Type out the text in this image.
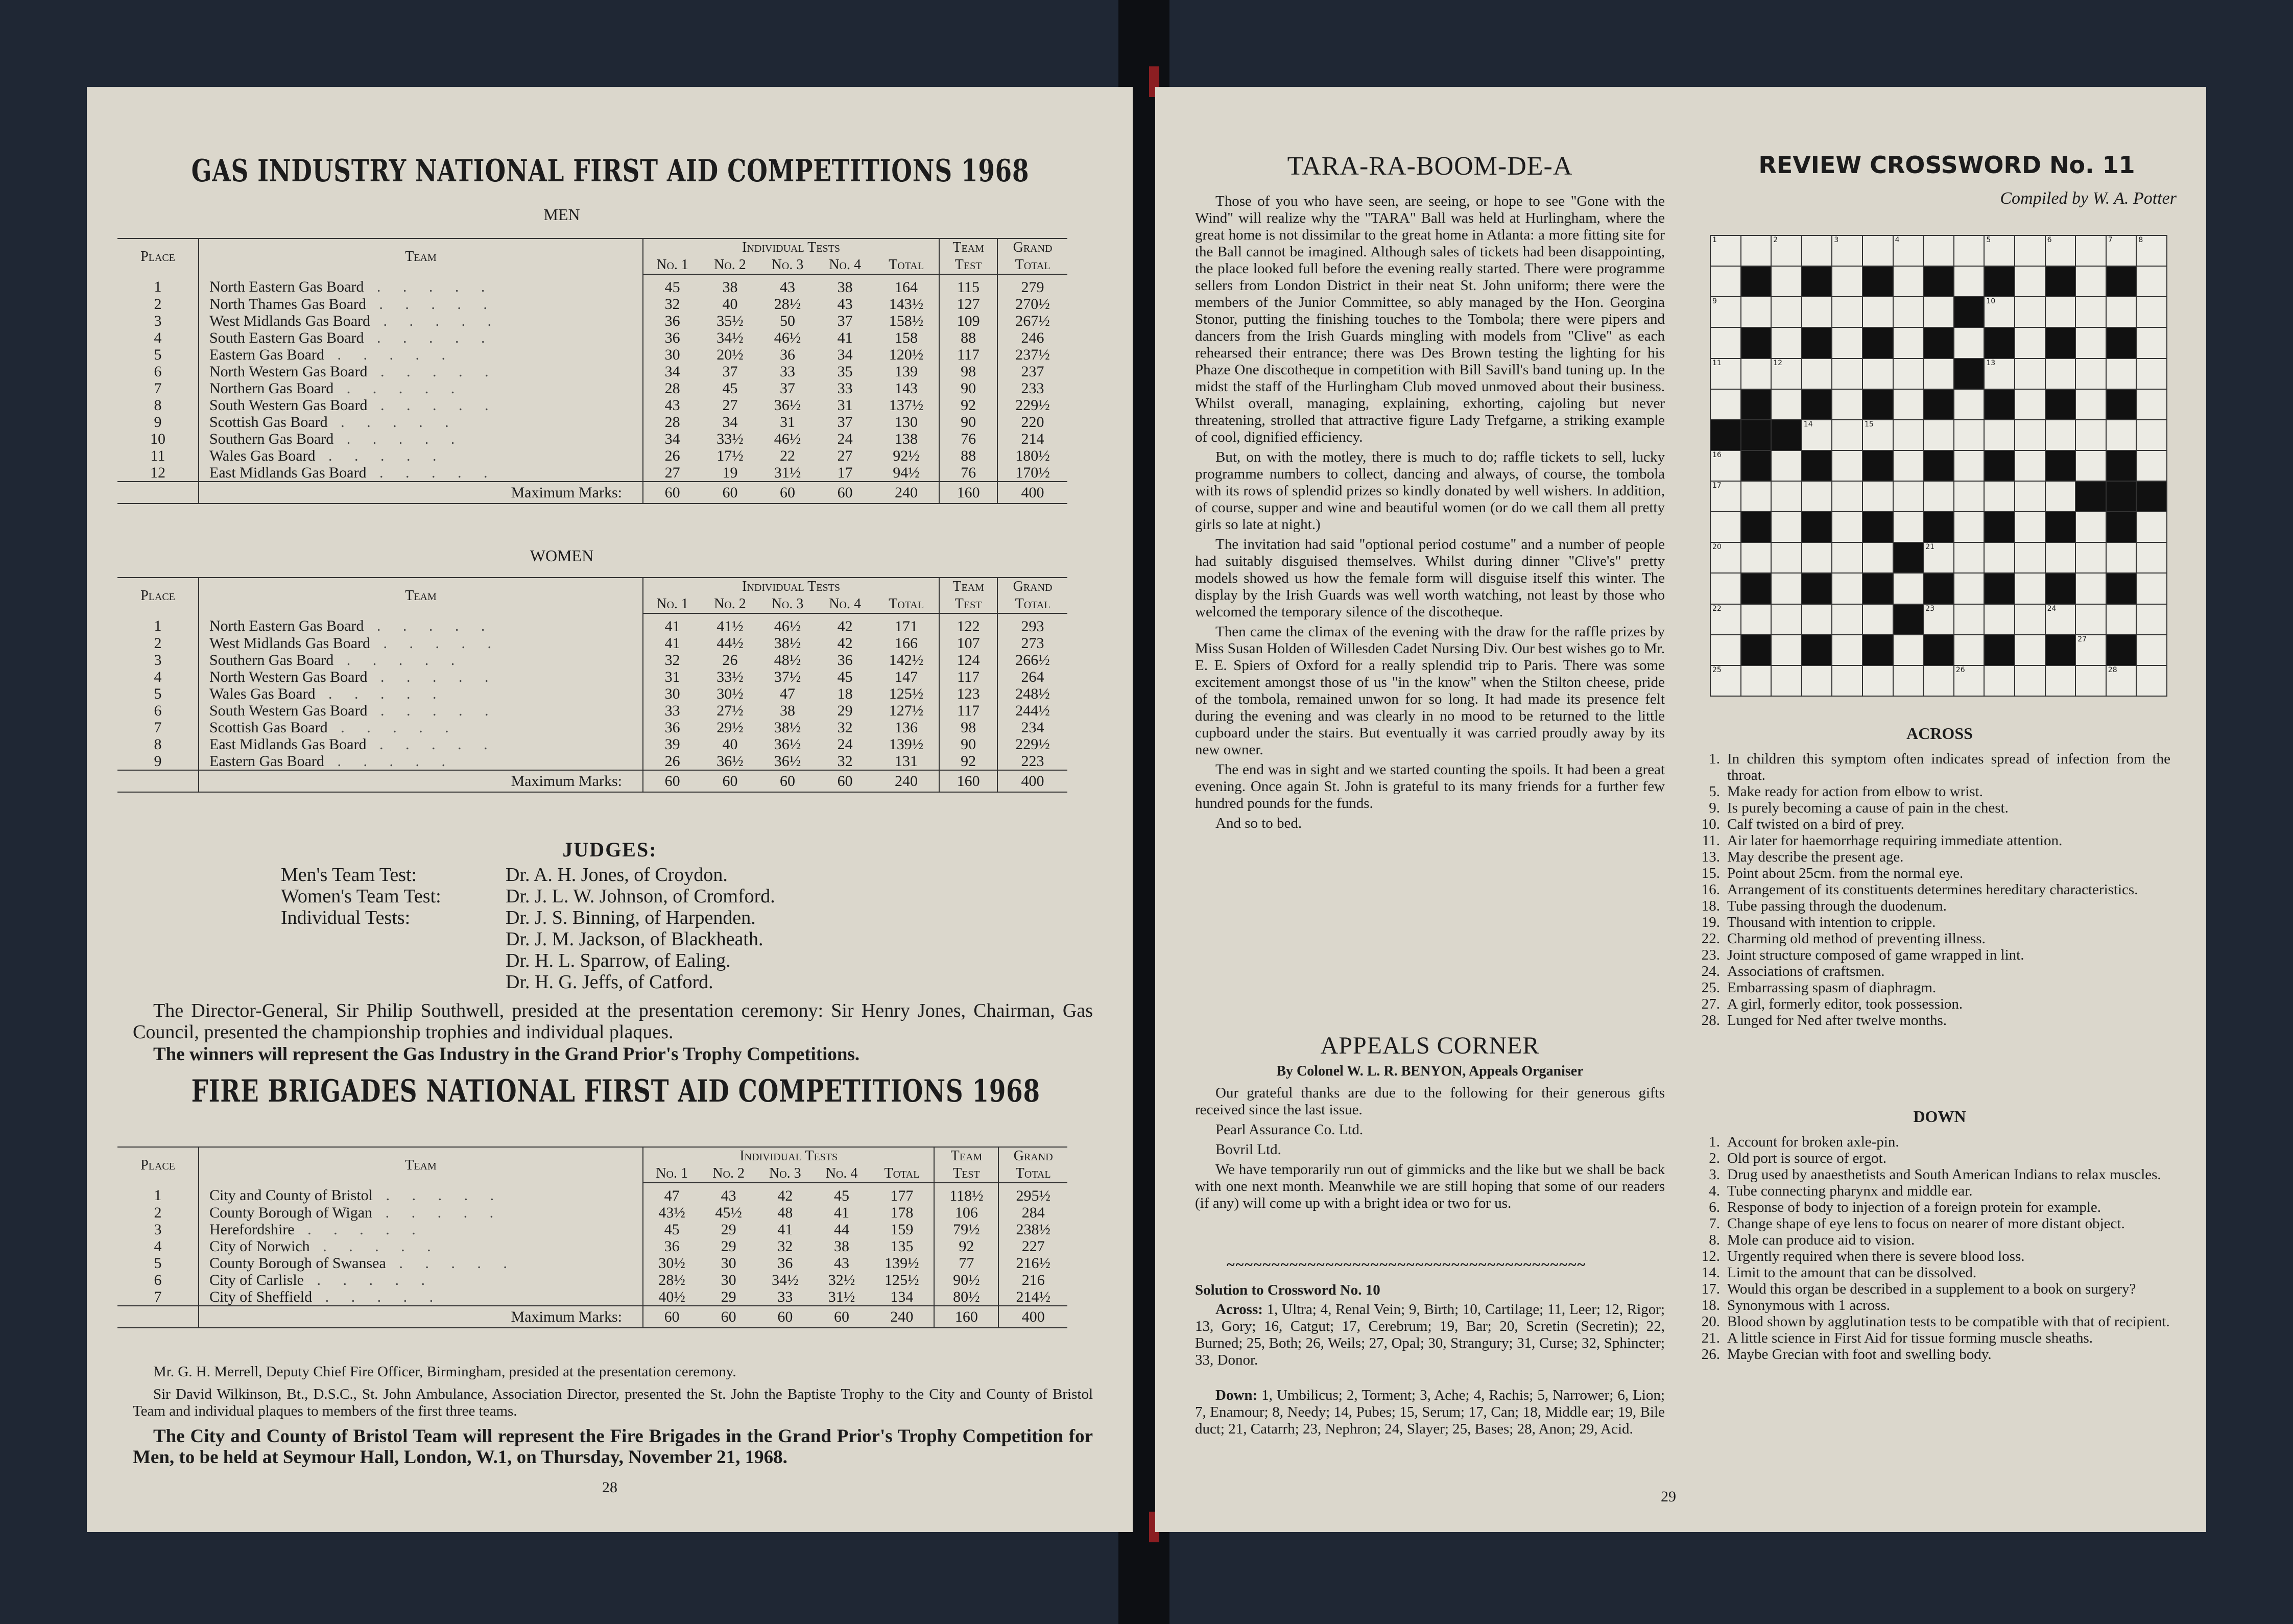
GAS INDUSTRY NATIONAL FIRST AID COMPETITIONS 1968
MEN
Place	Team	Individual Tests					Team	Grand
		No. 1	No. 2	No. 3	No. 4	Total	Test	Total
1	North Eastern Gas Board . . . . .	45	38	43	38	164	115	279
2	North Thames Gas Board . . . . .	32	40	28½	43	143½	127	270½
3	West Midlands Gas Board . . . . .	36	35½	50	37	158½	109	267½
4	South Eastern Gas Board . . . . .	36	34½	46½	41	158	88	246
5	Eastern Gas Board . . . . .	30	20½	36	34	120½	117	237½
6	North Western Gas Board . . . . .	34	37	33	35	139	98	237
7	Northern Gas Board . . . . .	28	45	37	33	143	90	233
8	South Western Gas Board . . . . .	43	27	36½	31	137½	92	229½
9	Scottish Gas Board . . . . .	28	34	31	37	130	90	220
10	Southern Gas Board . . . . .	34	33½	46½	24	138	76	214
11	Wales Gas Board . . . . .	26	17½	22	27	92½	88	180½
12	East Midlands Gas Board . . . . .	27	19	31½	17	94½	76	170½
	Maximum Marks:	60	60	60	60	240	160	400
WOMEN
Place	Team	Individual Tests					Team	Grand
		No. 1	No. 2	No. 3	No. 4	Total	Test	Total
1	North Eastern Gas Board . . . . .	41	41½	46½	42	171	122	293
2	West Midlands Gas Board . . . . .	41	44½	38½	42	166	107	273
3	Southern Gas Board . . . . .	32	26	48½	36	142½	124	266½
4	North Western Gas Board . . . . .	31	33½	37½	45	147	117	264
5	Wales Gas Board . . . . .	30	30½	47	18	125½	123	248½
6	South Western Gas Board . . . . .	33	27½	38	29	127½	117	244½
7	Scottish Gas Board . . . . .	36	29½	38½	32	136	98	234
8	East Midlands Gas Board . . . . .	39	40	36½	24	139½	90	229½
9	Eastern Gas Board . . . . .	26	36½	36½	32	131	92	223
	Maximum Marks:	60	60	60	60	240	160	400
JUDGES:
Men's Team Test:	Dr. A. H. Jones, of Croydon.
Women's Team Test:	Dr. J. L. W. Johnson, of Cromford.
Individual Tests:	Dr. J. S. Binning, of Harpenden.
Dr. J. M. Jackson, of Blackheath.
Dr. H. L. Sparrow, of Ealing.
Dr. H. G. Jeffs, of Catford.
The Director-General, Sir Philip Southwell, presided at the presentation ceremony: Sir Henry Jones, Chairman, Gas Council, presented the championship trophies and individual plaques.
The winners will represent the Gas Industry in the Grand Prior's Trophy Competitions.
FIRE BRIGADES NATIONAL FIRST AID COMPETITIONS 1968
Place	Team	Individual Tests					Team	Grand
		No. 1	No. 2	No. 3	No. 4	Total	Test	Total
1	City and County of Bristol . . . . .	47	43	42	45	177	118½	295½
2	County Borough of Wigan . . . . .	43½	45½	48	41	178	106	284
3	Herefordshire . . . . .	45	29	41	44	159	79½	238½
4	City of Norwich . . . . .	36	29	32	38	135	92	227
5	County Borough of Swansea . . . . .	30½	30	36	43	139½	77	216½
6	City of Carlisle . . . . .	28½	30	34½	32½	125½	90½	216
7	City of Sheffield . . . . .	40½	29	33	31½	134	80½	214½
	Maximum Marks:	60	60	60	60	240	160	400
Mr. G. H. Merrell, Deputy Chief Fire Officer, Birmingham, presided at the presentation ceremony.
Sir David Wilkinson, Bt., D.S.C., St. John Ambulance, Association Director, presented the St. John the Baptiste Trophy to the City and County of Bristol Team and individual plaques to members of the first three teams.
The City and County of Bristol Team will represent the Fire Brigades in the Grand Prior's Trophy Competition for Men, to be held at Seymour Hall, London, W.1, on Thursday, November 21, 1968.
28
TARA-RA-BOOM-DE-A

Those of you who have seen, are seeing, or hope to see "Gone with the Wind" will realize why the "TARA" Ball was held at Hurlingham, where the great home is not dissimilar to the great home in Atlanta: a more fitting site for the Ball cannot be imagined. Although sales of tickets had been disappointing, the place looked full before the evening really started. There were programme sellers from London District in their neat St. John uniform; there were the members of the Junior Committee, so ably managed by the Hon. Georgina Stonor, putting the finishing touches to the Tombola; there were pipers and dancers from the Irish Guards mingling with models from "Clive" as each rehearsed their entrance; there was Des Brown testing the lighting for his Phaze One discotheque in competition with Bill Savill's band tuning up. In the midst the staff of the Hurlingham Club moved unmoved about their business. Whilst overall, managing, explaining, exhorting, cajoling but never threatening, strolled that attractive figure Lady Trefgarne, a striking example of cool, dignified efficiency.

But, on with the motley, there is much to do; raffle tickets to sell, lucky programme numbers to collect, dancing and always, of course, the tombola with its rows of splendid prizes so kindly donated by well wishers. In addition, of course, supper and wine and beautiful women (or do we call them all pretty girls so late at night.)

The invitation had said "optional period costume" and a number of people had suitably disguised themselves. Whilst during dinner "Clive's" pretty models showed us how the female form will disguise itself this winter. The display by the Irish Guards was well worth watching, not least by those who welcomed the temporary silence of the discotheque.

Then came the climax of the evening with the draw for the raffle prizes by Miss Susan Holden of Willesden Cadet Nursing Div. Our best wishes go to Mr. E. E. Spiers of Oxford for a really splendid trip to Paris. There was some excitement amongst those of us "in the know" when the Stilton cheese, pride of the tombola, remained unwon for so long. It had made its presence felt during the evening and was clearly in no mood to be returned to the little cupboard under the stairs. But eventually it was carried proudly away by its new owner.

The end was in sight and we started counting the spoils. It had been a great evening. Once again St. John is grateful to its many friends for a further few hundred pounds for the funds.

And so to bed.

APPEALS CORNER
By Colonel W. L. R. BENYON, Appeals Organiser

Our grateful thanks are due to the following for their generous gifts received since the last issue.

Pearl Assurance Co. Ltd.

Bovril Ltd.

We have temporarily run out of gimmicks and the like but we shall be back with one next month. Meanwhile we are still hoping that some of our readers (if any) will come up with a bright idea or two for us.

~~~~~~~~~~~~~~~~~~~~~~~~~~~~~~~~~~~~~~~~
Solution to Crossword No. 10
Across: 1, Ultra; 4, Renal Vein; 9, Birth; 10, Cartilage; 11, Leer; 12, Rigor; 13, Gory; 16, Catgut; 17, Cerebrum; 19, Bar; 20, Scretin (Secretin); 22, Burned; 25, Both; 26, Weils; 27, Opal; 30, Strangury; 31, Curse; 32, Sphincter; 33, Donor.
Down: 1, Umbilicus; 2, Torment; 3, Ache; 4, Rachis; 5, Narrower; 6, Lion; 7, Enamour; 8, Needy; 14, Pubes; 15, Serum; 17, Can; 18, Middle ear; 19, Bile duct; 21, Catarrh; 23, Nephron; 24, Slayer; 25, Bases; 28, Anon; 29, Acid.
29
REVIEW CROSSWORD No. 11
Compiled by W. A. Potter
1	2	3	4	5	6	7	8
9	10
11	12	13
14	15
16
17
20	21
22	23	24
27
25	26	28
ACROSS
1. In children this symptom often indicates spread of infection from the throat.
5. Make ready for action from elbow to wrist.
9. Is purely becoming a cause of pain in the chest.
10. Calf twisted on a bird of prey.
11. Air later for haemorrhage requiring immediate attention.
13. May describe the present age.
15. Point about 25cm. from the normal eye.
16. Arrangement of its constituents determines hereditary characteristics.
18. Tube passing through the duodenum.
19. Thousand with intention to cripple.
22. Charming old method of preventing illness.
23. Joint structure composed of game wrapped in lint.
24. Associations of craftsmen.
25. Embarrassing spasm of diaphragm.
27. A girl, formerly editor, took possession.
28. Lunged for Ned after twelve months.
DOWN
1. Account for broken axle-pin.
2. Old port is source of ergot.
3. Drug used by anaesthetists and South American Indians to relax muscles.
4. Tube connecting pharynx and middle ear.
6. Response of body to injection of a foreign protein for example.
7. Change shape of eye lens to focus on nearer of more distant object.
8. Mole can produce aid to vision.
12. Urgently required when there is severe blood loss.
14. Limit to the amount that can be dissolved.
17. Would this organ be described in a supplement to a book on surgery?
18. Synonymous with 1 across.
20. Blood shown by agglutination tests to be compatible with that of recipient.
21. A little science in First Aid for tissue forming muscle sheaths.
26. Maybe Grecian with foot and swelling body.
